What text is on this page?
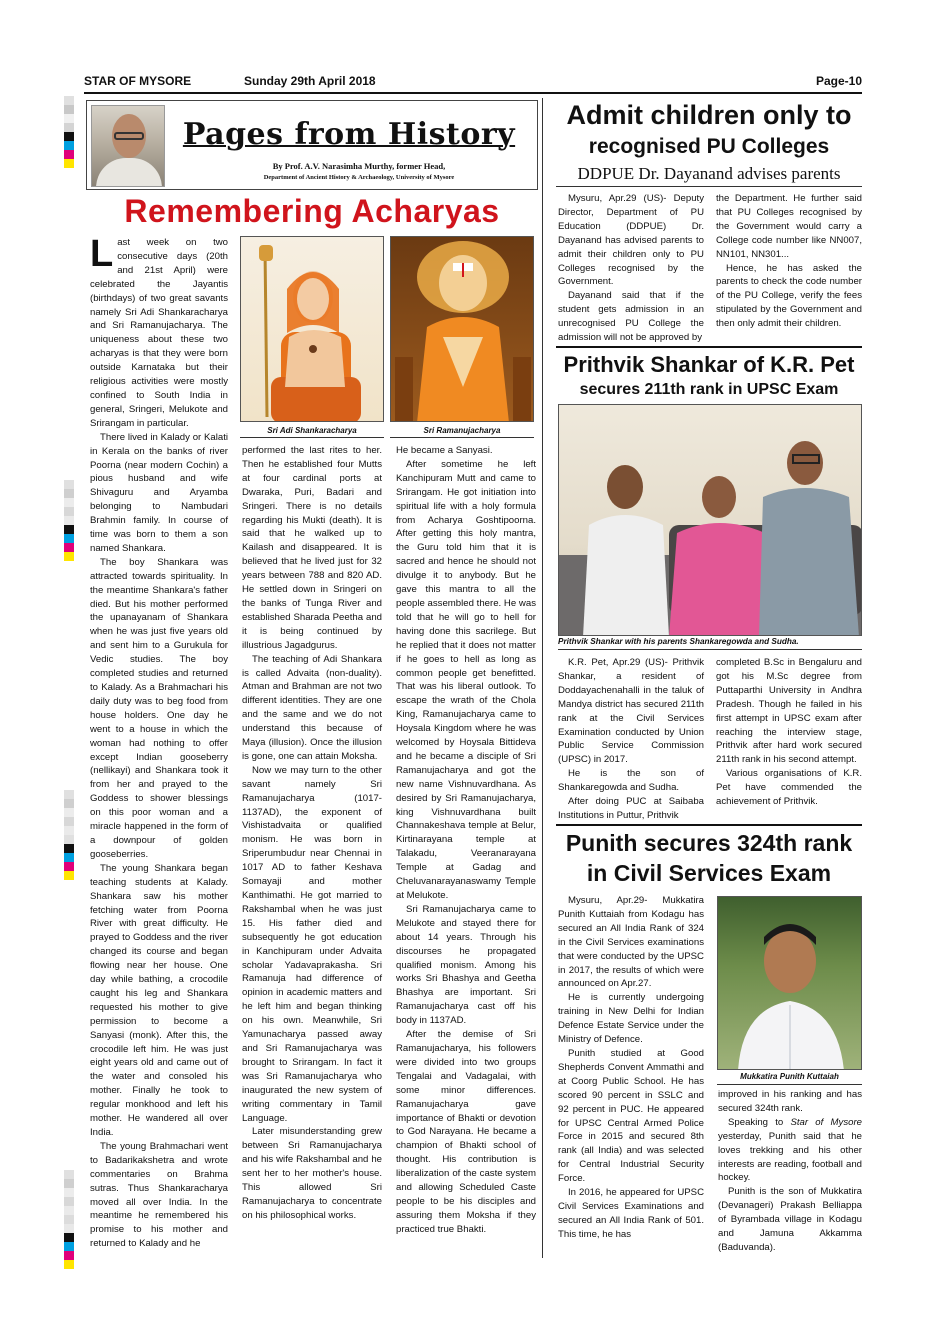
STAR OF MYSORE	Sunday 29th April 2018	Page-10
Pages from History
By Prof. A.V. Narasimha Murthy, former Head,
Department of Ancient History & Archaeology, University of Mysore
Remembering Acharyas
Sri Adi Shankaracharya	Sri Ramanujacharya

Last week on two consecutive days (20th and 21st April) were celebrated the Jayantis (birthdays) of two great savants namely Sri Adi Shankaracharya and Sri Ramanujacharya. The uniqueness about these two acharyas is that they were born outside Karnataka but their religious activities were mostly confined to South India in general, Sringeri, Melukote and Srirangam in particular.

There lived in Kalady or Kalati in Kerala on the banks of river Poorna (near modern Cochin) a pious husband and wife Shivaguru and Aryamba belonging to Nambudari Brahmin family. In course of time was born to them a son named Shankara.

The boy Shankara was attracted towards spirituality. In the meantime Shankara's father died. But his mother performed the upanayanam of Shankara when he was just five years old and sent him to a Gurukula for Vedic studies. The boy completed studies and returned to Kalady. As a Brahmachari his daily duty was to beg food from house holders. One day he went to a house in which the woman had nothing to offer except Indian gooseberry (nellikayi) and Shankara took it from her and prayed to the Goddess to shower blessings on this poor woman and a miracle happened in the form of a downpour of golden gooseberries.

The young Shankara began teaching students at Kalady. Shankara saw his mother fetching water from Poorna River with great difficulty. He prayed to Goddess and the river changed its course and began flowing near her house. One day while bathing, a crocodile caught his leg and Shankara requested his mother to give permission to become a Sanyasi (monk). After this, the crocodile left him. He was just eight years old and came out of the water and consoled his mother. Finally he took to regular monkhood and left his mother. He wandered all over India.

The young Brahmachari went to Badarikakshetra and wrote commentaries on Brahma sutras. Thus Shankaracharya moved all over India. In the meantime he remembered his promise to his mother and returned to Kalady and he

performed the last rites to her. Then he established four Mutts at four cardinal ports at Dwaraka, Puri, Badari and Sringeri. There is no details regarding his Mukti (death). It is said that he walked up to Kailash and disappeared. It is believed that he lived just for 32 years between 788 and 820 AD. He settled down in Sringeri on the banks of Tunga River and established Sharada Peetha and it is being continued by illustrious Jagadgurus.

The teaching of Adi Shankara is called Advaita (non-duality). Atman and Brahman are not two different identities. They are one and the same and we do not understand this because of Maya (illusion). Once the illusion is gone, one can attain Moksha.

Now we may turn to the other savant namely Sri Ramanujacharya (1017-1137AD), the exponent of Vishistadvaita or qualified monism. He was born in Sriperumbudur near Chennai in 1017 AD to father Keshava Somayaji and mother Kanthimathi. He got married to Rakshambal when he was just 15. His father died and subsequently he got education in Kanchipuram under Advaita scholar Yadavaprakasha. Sri Ramanuja had difference of opinion in academic matters and he left him and began thinking on his own. Meanwhile, Sri Yamunacharya passed away and Sri Ramanujacharya was brought to Srirangam. In fact it was Sri Ramanujacharya who inaugurated the new system of writing commentary in Tamil Language.

Later misunderstanding grew between Sri Ramanujacharya and his wife Rakshambal and he sent her to her mother's house. This allowed Sri Ramanujacharya to concentrate on his philosophical works.

He became a Sanyasi.

After sometime he left Kanchipuram Mutt and came to Srirangam. He got initiation into spiritual life with a holy formula from Acharya Goshtipoorna. After getting this holy mantra, the Guru told him that it is sacred and hence he should not divulge it to anybody. But he gave this mantra to all the people assembled there. He was told that he will go to hell for having done this sacrilege. But he replied that it does not matter if he goes to hell as long as common people get benefitted. That was his liberal outlook. To escape the wrath of the Chola King, Ramanujacharya came to Hoysala Kingdom where he was welcomed by Hoysala Bittideva and he became a disciple of Sri Ramanujacharya and got the new name Vishnuvardhana. As desired by Sri Ramanujacharya, king Vishnuvardhana built Channakeshava temple at Belur, Kirtinarayana temple at Talakadu, Veeranarayana Temple at Gadag and Cheluvanarayanaswamy Temple at Melukote.

Sri Ramanujacharya came to Melukote and stayed there for about 14 years. Through his discourses he propagated qualified monism. Among his works Sri Bhashya and Geetha Bhashya are important. Sri Ramanujacharya cast off his body in 1137AD.

After the demise of Sri Ramanujacharya, his followers were divided into two groups Tengalai and Vadagalai, with some minor differences. Ramanujacharya gave importance of Bhakti or devotion to God Narayana. He became a champion of Bhakti school of thought. His contribution is liberalization of the caste system and allowing Scheduled Caste people to be his disciples and assuring them Moksha if they practiced true Bhakti.

Admit children only to
recognised PU Colleges
DDPUE Dr. Dayanand advises parents

Mysuru, Apr.29 (US)- Deputy Director, Department of PU Education (DDPUE) Dr. Dayanand has advised parents to admit their children only to PU Colleges recognised by the Government.

Dayanand said that if the student gets admission in an unrecognised PU College the admission will not be approved by

the Department. He further said that PU Colleges recognised by the Government would carry a College code number like NN007, NN101, NN301...

Hence, he has asked the parents to check the code number of the PU College, verify the fees stipulated by the Government and then only admit their children.

Prithvik Shankar of K.R. Pet
secures 211th rank in UPSC Exam
Prithvik Shankar with his parents Shankaregowda and Sudha.

K.R. Pet, Apr.29 (US)- Prithvik Shankar, a resident of Doddayachenahalli in the taluk of Mandya district has secured 211th rank at the Civil Services Examination conducted by Union Public Service Commission (UPSC) in 2017.

He is the son of Shankaregowda and Sudha.

After doing PUC at Saibaba Institutions in Puttur, Prithvik

completed B.Sc in Bengaluru and got his M.Sc degree from Puttaparthi University in Andhra Pradesh. Though he failed in his first attempt in UPSC exam after reaching the interview stage, Prithvik after hard work secured 211th rank in his second attempt.

Various organisations of K.R. Pet have commended the achievement of Prithvik.

Punith secures 324th rank
in Civil Services Exam

Mysuru, Apr.29- Mukkatira Punith Kuttaiah from Kodagu has secured an All India Rank of 324 in the Civil Services examinations that were conducted by the UPSC in 2017, the results of which were announced on Apr.27.

He is currently undergoing training in New Delhi for Indian Defence Estate Service under the Ministry of Defence.

Punith studied at Good Shepherds Convent Ammathi and at Coorg Public School. He has scored 90 percent in SSLC and 92 percent in PUC. He appeared for UPSC Central Armed Police Force in 2015 and secured 8th rank (all India) and was selected for Central Industrial Security Force.

In 2016, he appeared for UPSC Civil Services Examinations and secured an All India Rank of 501. This time, he has

Mukkatira Punith Kuttaiah

improved in his ranking and has secured 324th rank.

Speaking to Star of Mysore yesterday, Punith said that he loves trekking and his other interests are reading, football and hockey.

Punith is the son of Mukkatira (Devanageri) Prakash Belliappa of Byrambada village in Kodagu and Jamuna Akkamma (Baduvanda).
